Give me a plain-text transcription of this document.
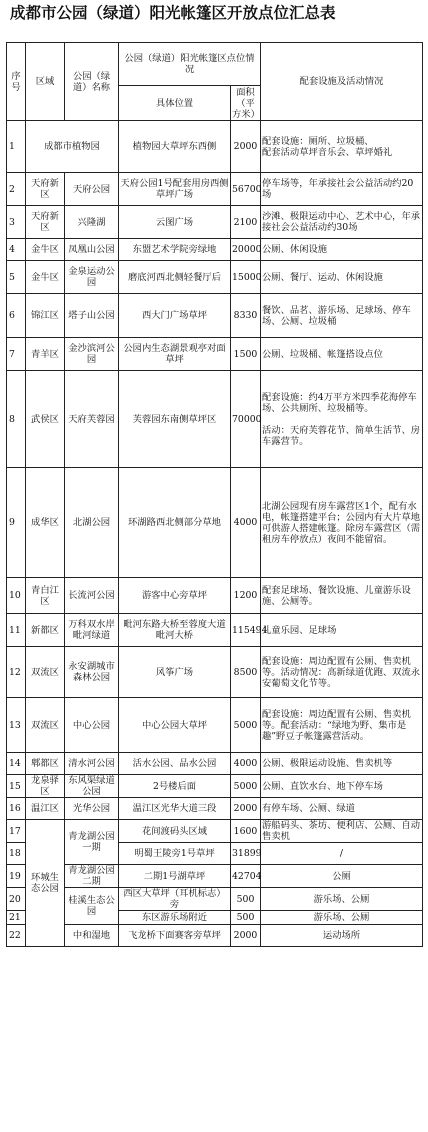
成都市公园（绿道）阳光帐篷区开放点位汇总表
序号	区域	公园（绿道）名称	公园（绿道）阳光帐篷区点位情况		配套设施及活动情况
			具体位置	面积（平方米）	
1	成都市植物园		植物园大草坪东西侧	2000	配套设施：厕所、垃圾桶、
配套活动草坪音乐会、草坪婚礼
2	天府新区	天府公园	天府公园1号配套用房西侧草坪广场	56700	停车场等，年承接社会公益活动约20场
3	天府新区	兴隆湖	云图广场	2100	沙滩、极限运动中心、艺术中心，年承接社会公益活动约30场
4	金牛区	凤凰山公园	东盟艺术学院旁绿地	20000	公厕、休闲设施
5	金牛区	金泉运动公园	磨底河西北侧轻餐厅后	15000	公厕、餐厅、运动、休闲设施
6	锦江区	塔子山公园	西大门广场草坪	8330	餐饮、品茗、游乐场、足球场、停车场、公厕、垃圾桶
7	青羊区	金沙滨河公园	公园内生态湖景观亭对面草坪	1500	公厕、垃圾桶、帐篷搭设点位
8	武侯区	天府芙蓉园	芙蓉园东南侧草坪区	70000	配套设施：约4万平方米四季花海停车场、公共厕所、垃圾桶等。

活动：天府芙蓉花节、简单生活节、房车露营节。
9	成华区	北湖公园	环湖路西北侧部分草地	4000	北湖公园现有房车露营区1个，配有水电，帐篷搭建平台；公园内有大片草地可供游人搭建帐篷。除房车露营区（需租房车停放点）夜间不能留宿。
10	青白江区	长流河公园	游客中心旁草坪	1200	配套足球场、餐饮设施、儿童游乐设施、公厕等。
11	新都区	万科双水岸毗河绿道	毗河东路大桥至蓉度大道毗河大桥	115494	儿童乐园、足球场
12	双流区	永安湖城市森林公园	风筝广场	8500	配套设施：周边配置有公厕、售卖机等。活动情况：高新绿道优跑、双流永安葡萄文化节等。
13	双流区	中心公园	中心公园大草坪	5000	配套设施：周边配置有公厕、售卖机等。配套活动：“绿地为野、集市是趣”野豆子帐篷露营活动。
14	郫都区	清水河公园	活水公园、品水公园	4000	公厕、极限运动设施、售卖机等
15	龙泉驿区	东风渠绿道公园	2号楼后面	5000	公厕、直饮水台、地下停车场
16	温江区	光华公园	温江区光华大道三段	2000	有停车场、公厕、绿道
17	环城生态公园	青龙湖公园一期	花间渡码头区域	1600	游船码头、茶坊、便利店、公厕、自动售卖机
18			明蜀王陵旁1号草坪	31899	/
19		青龙湖公园二期	二期1号湖草坪	42704	公厕
20		桂溪生态公园	西区大草坪（耳机标志）旁	500	游乐场、公厕
21			东区游乐场附近	500	游乐场、公厕
22		中和湿地	飞龙桥下面赛客旁草坪	2000	运动场所
